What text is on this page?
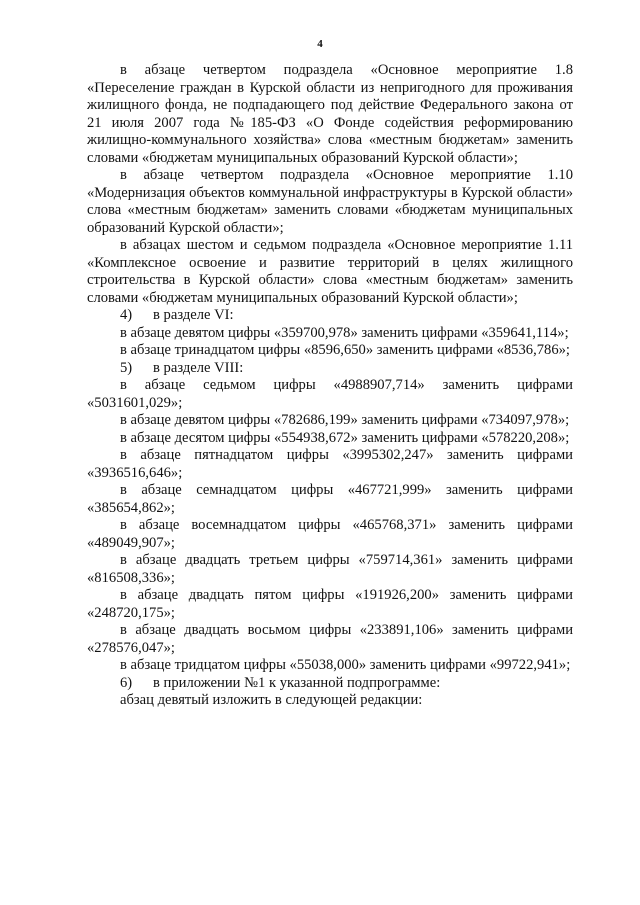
4

в абзаце четвертом подраздела «Основное мероприятие 1.8 «Переселение граждан в Курской области из непригодного для проживания жилищного фонда, не подпадающего под действие Федерального закона от 21 июля 2007 года №185-ФЗ «О Фонде содействия реформированию жилищно-коммунального хозяйства» слова «местным бюджетам» заменить словами «бюджетам муниципальных образований Курской области»;

в абзаце четвертом подраздела «Основное мероприятие 1.10 «Модернизация объектов коммунальной инфраструктуры в Курской области» слова «местным бюджетам» заменить словами «бюджетам муниципальных образований Курской области»;

в абзацах шестом и седьмом подраздела «Основное мероприятие 1.11 «Комплексное освоение и развитие территорий в целях жилищного строительства в Курской области» слова «местным бюджетам» заменить словами «бюджетам муниципальных образований Курской области»;

4) в разделе VI:

в абзаце девятом цифры «359700,978» заменить цифрами «359641,114»;

в абзаце тринадцатом цифры «8596,650» заменить цифрами «8536,786»;

5) в разделе VIII:

в абзаце седьмом цифры «4988907,714» заменить цифрами «5031601,029»;

в абзаце девятом цифры «782686,199» заменить цифрами «734097,978»;

в абзаце десятом цифры «554938,672» заменить цифрами «578220,208»;

в абзаце пятнадцатом цифры «3995302,247» заменить цифрами «3936516,646»;

в абзаце семнадцатом цифры «467721,999» заменить цифрами «385654,862»;

в абзаце восемнадцатом цифры «465768,371» заменить цифрами «489049,907»;

в абзаце двадцать третьем цифры «759714,361» заменить цифрами «816508,336»;

в абзаце двадцать пятом цифры «191926,200» заменить цифрами «248720,175»;

в абзаце двадцать восьмом цифры «233891,106» заменить цифрами «278576,047»;

в абзаце тридцатом цифры «55038,000» заменить цифрами «99722,941»;

6) в приложении №1 к указанной подпрограмме:

абзац девятый изложить в следующей редакции:
